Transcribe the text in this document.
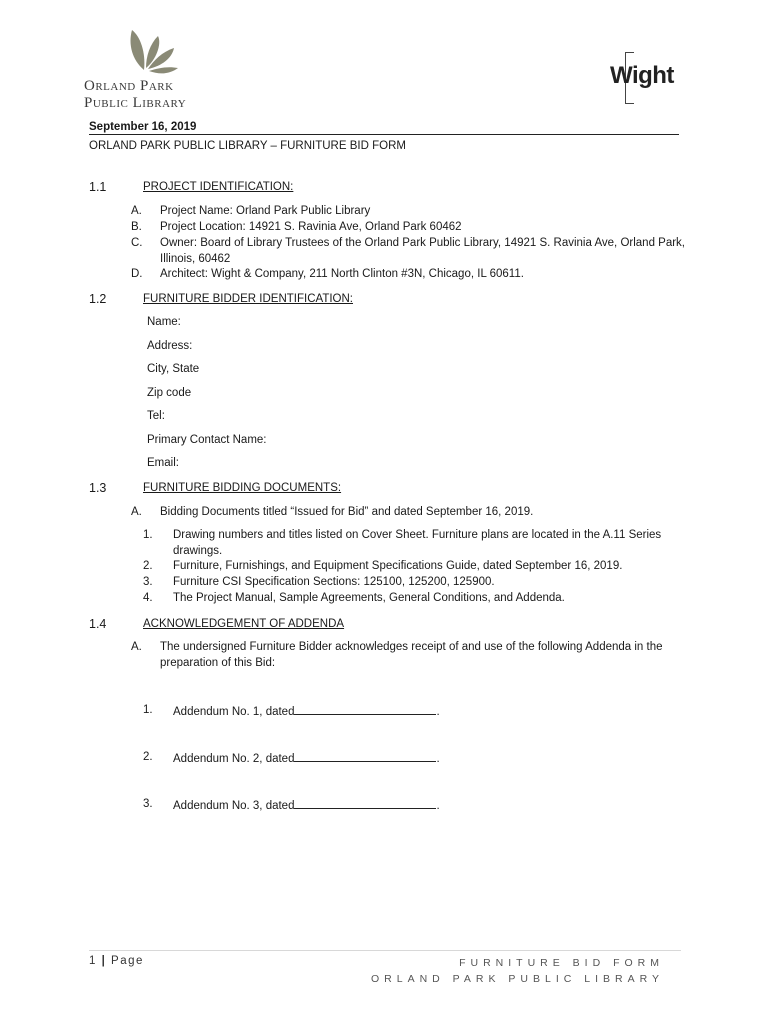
Orland Park
Public Library
Wight
September 16, 2019
ORLAND PARK PUBLIC LIBRARY – FURNITURE BID FORM
1.1	PROJECT IDENTIFICATION:
A. Project Name: Orland Park Public Library
B. Project Location: 14921 S. Ravinia Ave, Orland Park 60462
C. Owner: Board of Library Trustees of the Orland Park Public Library, 14921 S. Ravinia Ave, Orland Park, Illinois, 60462
D. Architect: Wight & Company, 211 North Clinton #3N, Chicago, IL 60611.
1.2	FURNITURE BIDDER IDENTIFICATION:
Name:
Address:
City, State
Zip code
Tel:
Primary Contact Name:
Email:
1.3	FURNITURE BIDDING DOCUMENTS:
A. Bidding Documents titled “Issued for Bid” and dated September 16, 2019.
1. Drawing numbers and titles listed on Cover Sheet. Furniture plans are located in the A.11 Series drawings.
2. Furniture, Furnishings, and Equipment Specifications Guide, dated September 16, 2019.
3. Furniture CSI Specification Sections: 125100, 125200, 125900.
4. The Project Manual, Sample Agreements, General Conditions, and Addenda.
1.4	ACKNOWLEDGEMENT OF ADDENDA
A. The undersigned Furniture Bidder acknowledges receipt of and use of the following Addenda in the preparation of this Bid:
1. Addendum No. 1, dated	.
2. Addendum No. 2, dated	.
3. Addendum No. 3, dated	.
1 | Page	FURNITURE BID FORM
ORLAND PARK PUBLIC LIBRARY
